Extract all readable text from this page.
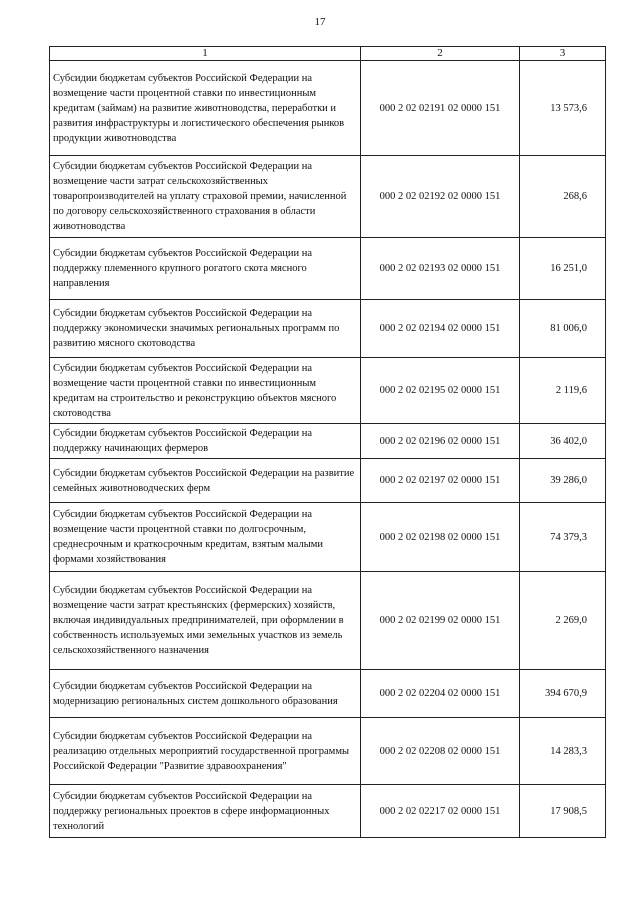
17
1	2	3
Субсидии бюджетам субъектов Российской Федерации на возмещение части процентной ставки по инвестиционным кредитам (займам) на развитие животноводства, переработки и развития инфраструктуры и логистического обеспечения рынков продукции животноводства	000 2 02 02191 02 0000 151	13 573,6
Субсидии бюджетам субъектов Российской Федерации на возмещение части затрат сельскохозяйственных товаропроизводителей на уплату страховой премии, начисленной по договору сельскохозяйственного страхования в области животноводства	000 2 02 02192 02 0000 151	268,6
Субсидии бюджетам субъектов Российской Федерации на поддержку племенного крупного рогатого скота мясного направления	000 2 02 02193 02 0000 151	16 251,0
Субсидии бюджетам субъектов Российской Федерации на поддержку экономически значимых региональных программ по развитию мясного скотоводства	000 2 02 02194 02 0000 151	81 006,0
Субсидии бюджетам субъектов Российской Федерации на возмещение части процентной ставки по инвестиционным кредитам на строительство и реконструкцию объектов мясного скотоводства	000 2 02 02195 02 0000 151	2 119,6
Субсидии бюджетам субъектов Российской Федерации на поддержку начинающих фермеров	000 2 02 02196 02 0000 151	36 402,0
Субсидии бюджетам субъектов Российской Федерации на развитие семейных животноводческих ферм	000 2 02 02197 02 0000 151	39 286,0
Субсидии бюджетам субъектов Российской Федерации на возмещение части процентной ставки по долгосрочным, среднесрочным и краткосрочным кредитам, взятым малыми формами хозяйствования	000 2 02 02198 02 0000 151	74 379,3
Субсидии бюджетам субъектов Российской Федерации на возмещение части затрат крестьянских (фермерских) хозяйств, включая индивидуальных предпринимателей, при оформлении в собственность используемых ими земельных участков из земель сельскохозяйственного назначения	000 2 02 02199 02 0000 151	2 269,0
Субсидии бюджетам субъектов Российской Федерации на модернизацию региональных систем дошкольного образования	000 2 02 02204 02 0000 151	394 670,9
Субсидии бюджетам субъектов Российской Федерации на реализацию отдельных мероприятий государственной программы Российской Федерации "Развитие здравоохранения"	000 2 02 02208 02 0000 151	14 283,3
Субсидии бюджетам субъектов Российской Федерации на поддержку региональных проектов в сфере информационных технологий	000 2 02 02217 02 0000 151	17 908,5
